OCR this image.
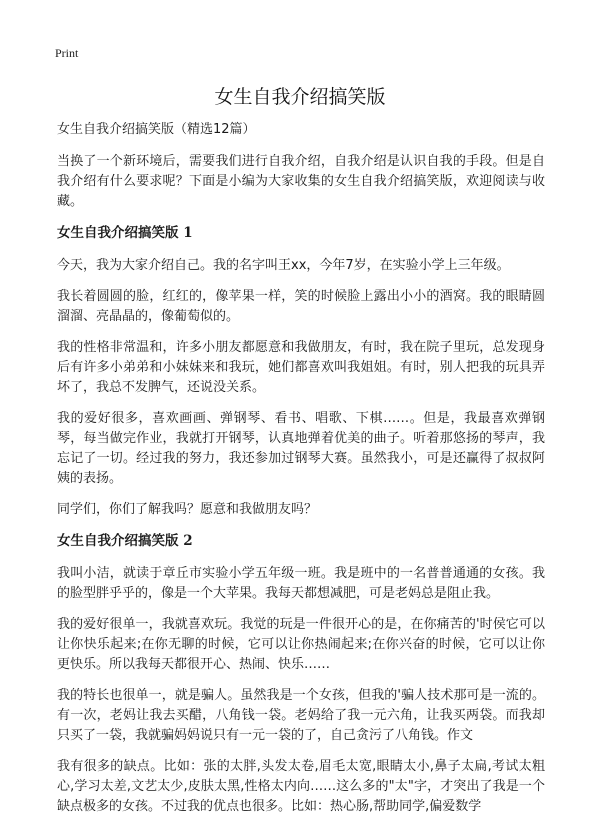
Print
女生自我介绍搞笑版

女生自我介绍搞笑版（精选12篇）

当换了一个新环境后，需要我们进行自我介绍，自我介绍是认识自我的手段。但是自我介绍有什么要求呢？下面是小编为大家收集的女生自我介绍搞笑版，欢迎阅读与收藏。

女生自我介绍搞笑版 1

今天，我为大家介绍自己。我的名字叫王xx，今年7岁，在实验小学上三年级。

我长着圆圆的脸，红红的，像苹果一样，笑的时候脸上露出小小的酒窝。我的眼睛圆溜溜、亮晶晶的，像葡萄似的。

我的性格非常温和，许多小朋友都愿意和我做朋友，有时，我在院子里玩，总发现身后有许多小弟弟和小妹妹来和我玩，她们都喜欢叫我姐姐。有时，别人把我的玩具弄坏了，我总不发脾气，还说没关系。

我的爱好很多，喜欢画画、弹钢琴、看书、唱歌、下棋……。但是，我最喜欢弹钢琴，每当做完作业，我就打开钢琴，认真地弹着优美的曲子。听着那悠扬的琴声，我忘记了一切。经过我的努力，我还参加过钢琴大赛。虽然我小，可是还赢得了叔叔阿姨的表扬。

同学们，你们了解我吗？愿意和我做朋友吗？

女生自我介绍搞笑版 2

我叫小洁，就读于章丘市实验小学五年级一班。我是班中的一名普普通通的女孩。我的脸型胖乎乎的，像是一个大苹果。我每天都想减肥，可是老妈总是阻止我。

我的爱好很单一，我就喜欢玩。我觉的玩是一件很开心的是，在你痛苦的'时侯它可以让你快乐起来;在你无聊的时候，它可以让你热闹起来;在你兴奋的时候，它可以让你更快乐。所以我每天都很开心、热闹、快乐……

我的特长也很单一，就是骗人。虽然我是一个女孩，但我的'骗人技术那可是一流的。有一次，老妈让我去买醋，八角钱一袋。老妈给了我一元六角，让我买两袋。而我却只买了一袋，我就骗妈妈说只有一元一袋的了，自己贪污了八角钱。作文

我有很多的缺点。比如：张的太胖,头发太卷,眉毛太宽,眼睛太小,鼻子太扁,考试太粗心,学习太差,文艺太少,皮肤太黑,性格太内向……这么多的"太"字，才突出了我是一个缺点极多的女孩。不过我的优点也很多。比如：热心肠,帮助同学,偏爱数学
